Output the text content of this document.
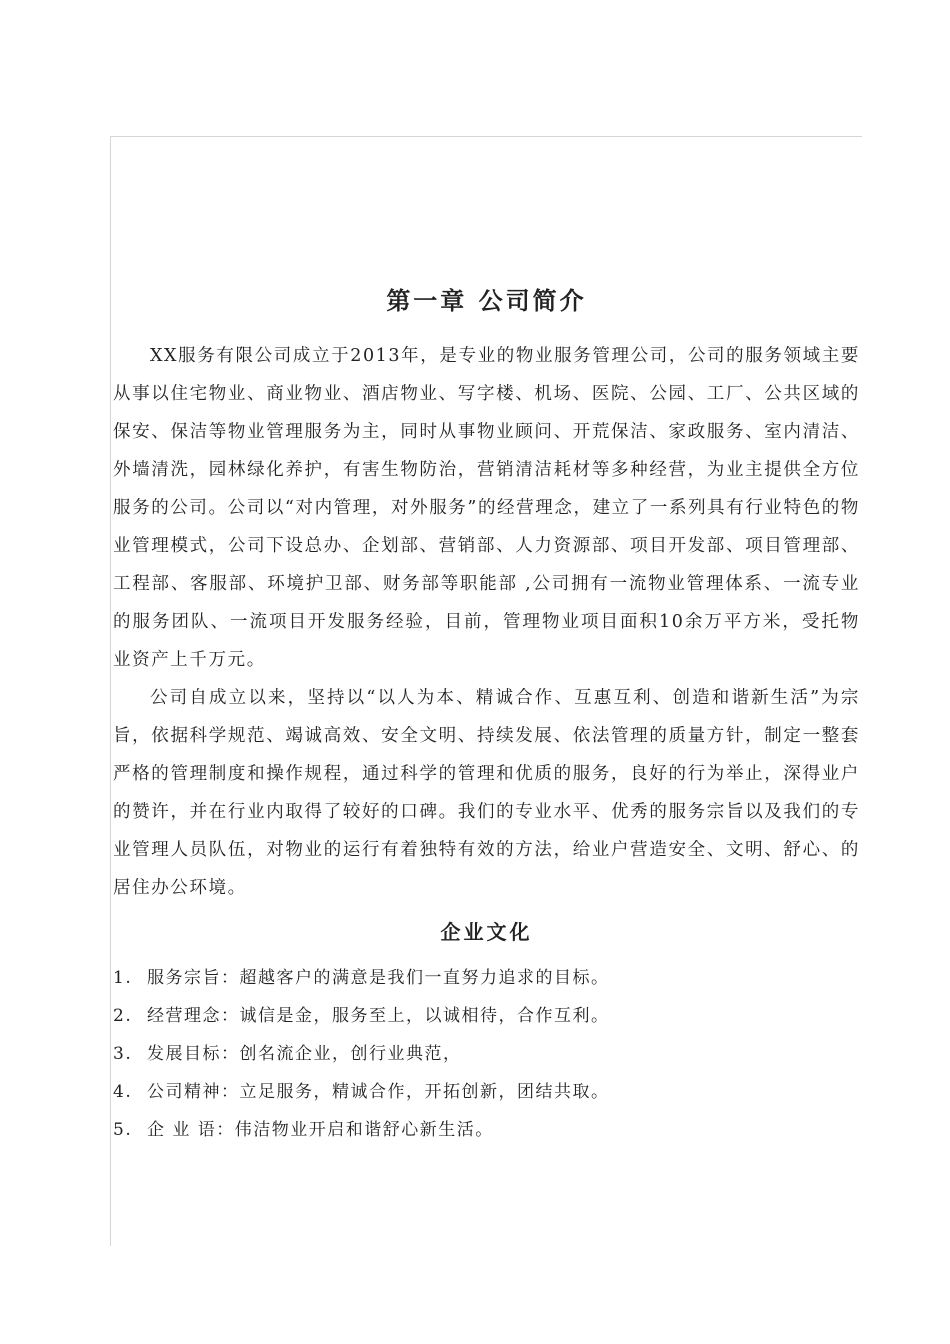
第一章 公司简介

XX服务有限公司成立于2013年，是专业的物业服务管理公司，公司的服务领域主要从事以住宅物业、商业物业、酒店物业、写字楼、机场、医院、公园、工厂、公共区域的保安、保洁等物业管理服务为主，同时从事物业顾问、开荒保洁、家政服务、室内清洁、外墙清洗，园林绿化养护，有害生物防治，营销清洁耗材等多种经营，为业主提供全方位服务的公司。公司以“对内管理，对外服务”的经营理念，建立了一系列具有行业特色的物业管理模式，公司下设总办、企划部、营销部、人力资源部、项目开发部、项目管理部、工程部、客服部、环境护卫部、财务部等职能部 ,公司拥有一流物业管理体系、一流专业的服务团队、一流项目开发服务经验，目前，管理物业项目面积10余万平方米，受托物业资产上千万元。

公司自成立以来，坚持以“以人为本、精诚合作、互惠互利、创造和谐新生活”为宗旨，依据科学规范、竭诚高效、安全文明、持续发展、依法管理的质量方针，制定一整套严格的管理制度和操作规程，通过科学的管理和优质的服务，良好的行为举止，深得业户的赞许，并在行业内取得了较好的口碑。我们的专业水平、优秀的服务宗旨以及我们的专业管理人员队伍，对物业的运行有着独特有效的方法，给业户营造安全、文明、舒心、的居住办公环境。

企业文化
1. 服务宗旨：超越客户的满意是我们一直努力追求的目标。
2. 经营理念：诚信是金，服务至上，以诚相待，合作互利。
3. 发展目标：创名流企业，创行业典范，
4. 公司精神：立足服务，精诚合作，开拓创新，团结共取。
5. 企 业 语：伟洁物业开启和谐舒心新生活。
